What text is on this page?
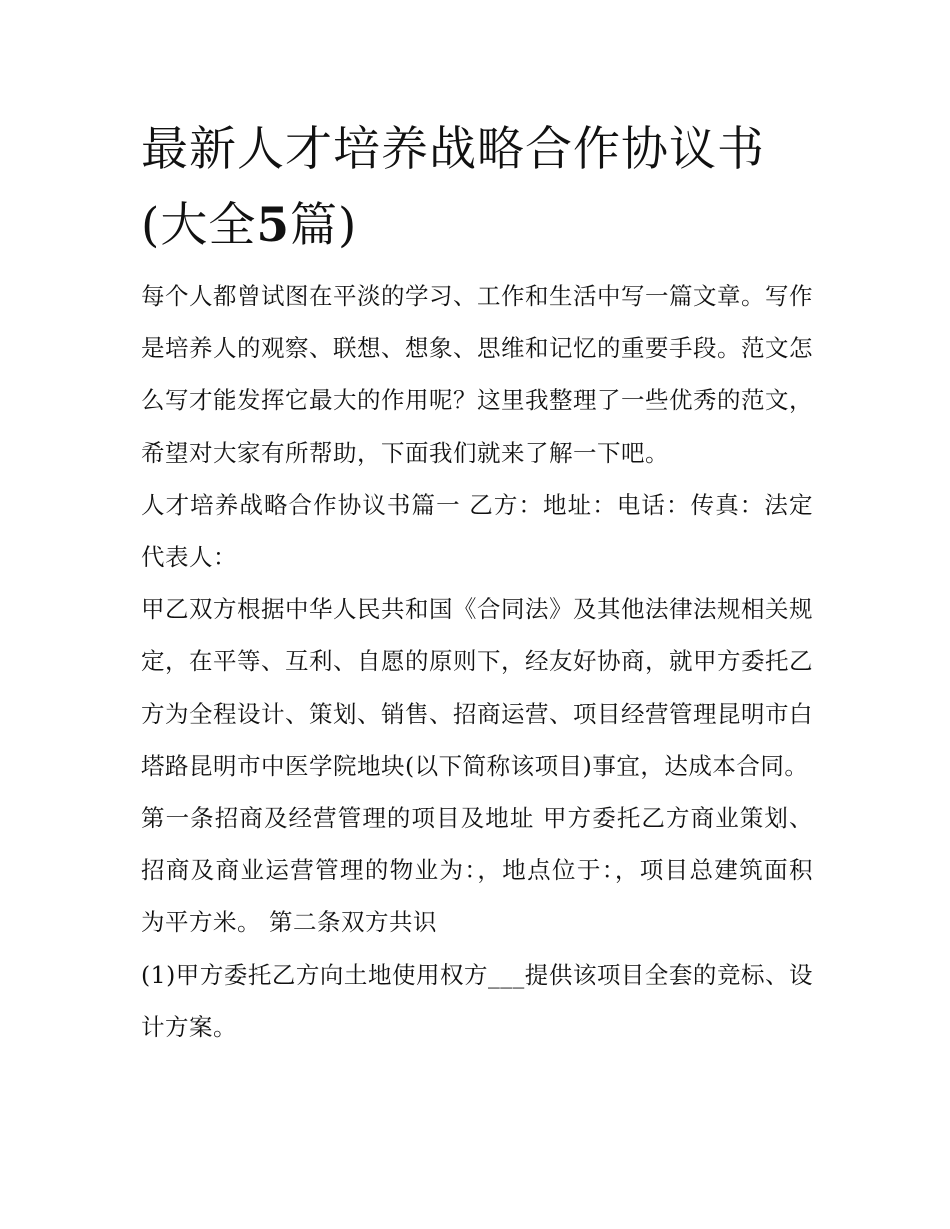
最新人才培养战略合作协议书
(大全5篇)

每个人都曾试图在平淡的学习、工作和生活中写一篇文章。写作是培养人的观察、联想、想象、思维和记忆的重要手段。范文怎么写才能发挥它最大的作用呢？这里我整理了一些优秀的范文，希望对大家有所帮助，下面我们就来了解一下吧。

人才培养战略合作协议书篇一 乙方：地址：电话：传真：法定代表人：

甲乙双方根据中华人民共和国《合同法》及其他法律法规相关规定，在平等、互利、自愿的原则下，经友好协商，就甲方委托乙方为全程设计、策划、销售、招商运营、项目经营管理昆明市白塔路昆明市中医学院地块(以下简称该项目)事宜，达成本合同。

第一条招商及经营管理的项目及地址 甲方委托乙方商业策划、招商及商业运营管理的物业为：，地点位于：，项目总建筑面积为平方米。 第二条双方共识

(1)甲方委托乙方向土地使用权方___提供该项目全套的竞标、设计方案。
